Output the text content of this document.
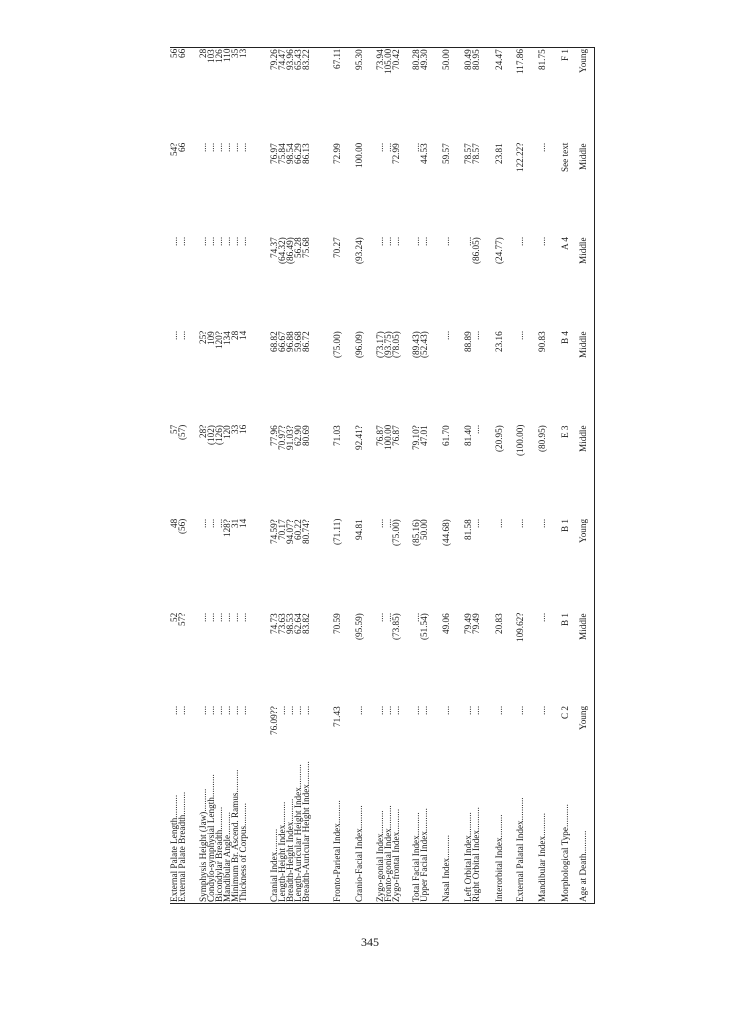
External Palate Length..........
External Palate Breadth.......... Symphysis Height (Jaw)..........
Condylo-symphysial Length..........
Bicondylar Breadth..........
Mandibular Angle..........
Minimum Br. Ascend. Ramus..........
Thickness of Corpus.......... Cranial Index..........
Length-Height Index..........
Breadth-Height Index..........
Length-Auricular Height Index..........
Breadth-Auricular Height Index.......... Fronto-Parietal Index.......... Cranio-Facial Index.......... Zygo-gonial Index..........
Fronto-gonial Index..........
Zygo-frontal Index.......... Total Facial Index..........
Upper Facial Index.......... Nasal Index.......... Left Orbital Index..........
Right Orbital Index.......... Interorbital Index.......... External Palatal Index.......... Mandibular Index.......... Morphological Type.......... Age at Death..........
....
.... ....
....
....
....
....
.... 76.09??
....
....
....
.... 71.43 .... ....
....
.... ....
.... .... ....
.... .... .... .... C 2 Young
52
57? ....
....
....
....
....
.... 74.73
73.63
98.53
62.64
83.82 70.59 (95.59) ....
....
(73.85) ....
(51.54) 49.06 79.49
79.49 20.83 109.62? .... B 1 Middle
48
(56) ....
....
....
128?
31
14 74.59?
70.17
94.07?
60.22
80.74? (71.11) 94.81 ....
....
(75.00) (85.16)
50.00 (44.68) 81.58
.... .... .... .... B 1 Young
57
(57) 28?
(102)
(126)
120
33
16 77.96
70.97?
91.03?
62.90
80.69 71.03 92.41? 76.87
100.00
76.87 79.10?
47.01 61.70 81.40
.... (20.95) (100.00) (80.95) E 3 Middle
....
.... 25?
109
120?
134
28
14 68.82
66.67
96.88
59.68
86.72 (75.00) (96.09) (73.17)
(93.75)
(78.05) (89.43)
(52.43) .... 88.89
.... 23.16 .... 90.83 B 4 Middle
....
.... ....
....
....
....
....
.... 74.37
(64.32)
(86.49)
56.28
75.68 70.27 (93.24) ....
....
.... ....
.... .... ....
(86.05) (24.77) .... .... A 4 Middle
54?
66 ....
....
....
....
....
.... 76.97
75.84
98.54
66.29
86.13 72.99 100.00 ....
....
72.99 ....
44.53 59.57 78.57
78.57 23.81 122.22? .... See text Middle
56
66 28
103
126
110
35
13 79.26
74.47
93.96
65.43
83.22 67.11 95.30 73.94
105.00
70.42 80.28
49.30 50.00 80.49
80.95 24.47 117.86 81.75 F 1 Young
345
